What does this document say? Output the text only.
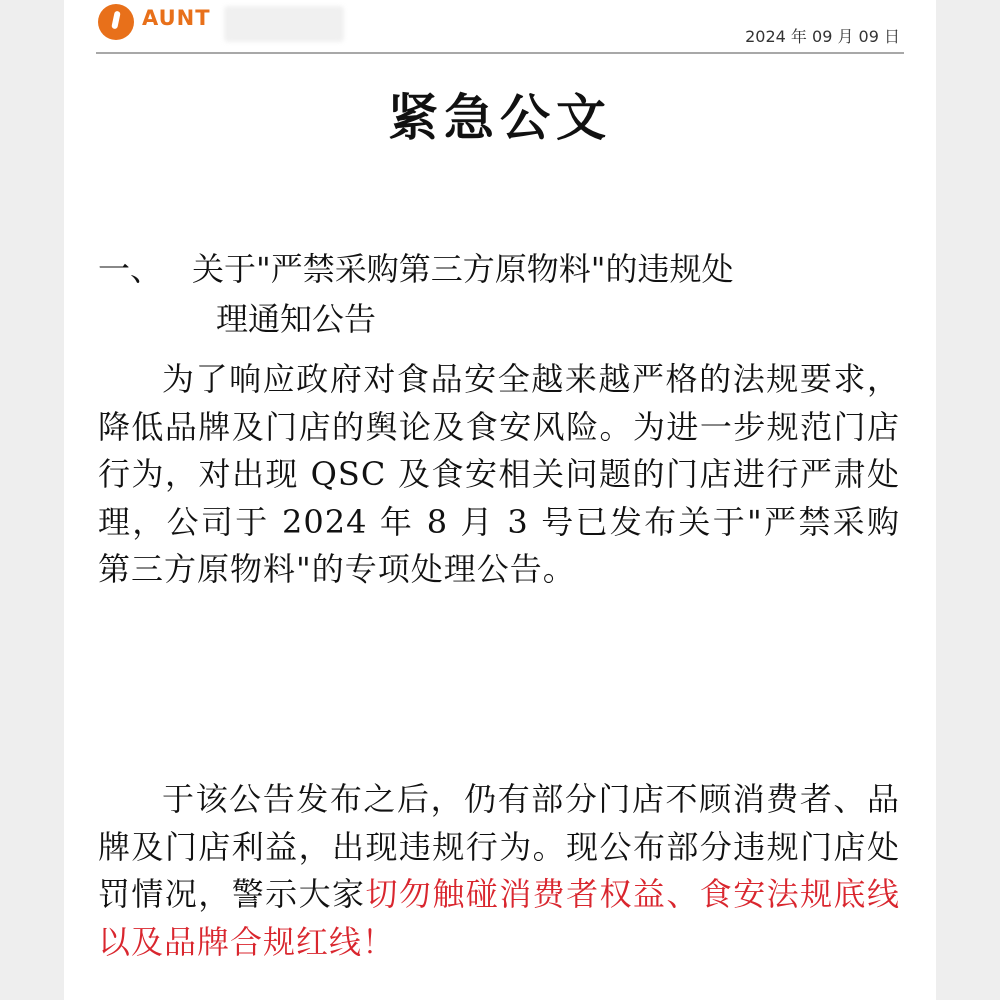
AUNT
2024 年 09 月 09 日
紧急公文
一、 关于"严禁采购第三方原物料"的违规处
理通知公告

为了响应政府对食品安全越来越严格的法规要求，降低品牌及门店的舆论及食安风险。为进一步规范门店行为，对出现 QSC 及食安相关问题的门店进行严肃处理，公司于 2024 年 8 月 3 号已发布关于"严禁采购第三方原物料"的专项处理公告。

于该公告发布之后，仍有部分门店不顾消费者、品牌及门店利益，出现违规行为。现公布部分违规门店处罚情况，警示大家切勿触碰消费者权益、食安法规底线以及品牌合规红线！
